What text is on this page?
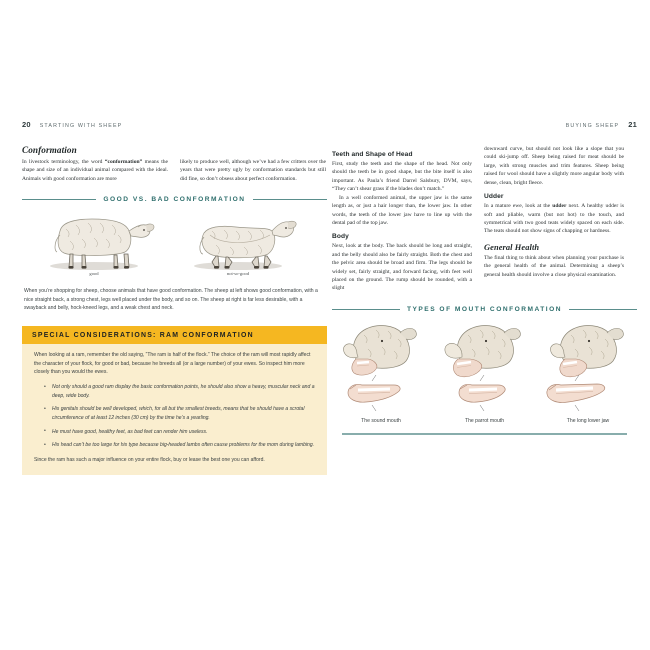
20 STARTING WITH SHEEP
Conformation

In livestock terminology, the word “conformation” means the shape and size of an individual animal compared with the ideal. Animals with good conformation are more

likely to produce well, although we’ve had a few critters over the years that were pretty ugly by conformation standards but still did fine, so don’t obsess about perfect conformation.

GOOD VS. BAD CONFORMATION
good	not-so-good

When you’re shopping for sheep, choose animals that have good conformation. The sheep at left shows good conformation, with a nice straight back, a strong chest, legs well placed under the body, and so on. The sheep at right is far less desirable, with a swayback and belly, hock-kneed legs, and a weak chest and neck.

SPECIAL CONSIDERATIONS: RAM CONFORMATION

When looking at a ram, remember the old saying, “The ram is half of the flock.” The choice of the ram will most rapidly affect the character of your flock, for good or bad, because he breeds all (or a large number) of your ewes. So inspect him more closely than you would the ewes.

• Not only should a good ram display the basic conformation points, he should also show a heavy, muscular neck and a deep, wide body.
• His genitals should be well developed, which, for all but the smallest breeds, means that he should have a scrotal circumference of at least 12 inches (30 cm) by the time he’s a yearling.
• He must have good, healthy feet, as bad feet can render him useless.
• His head can’t be too large for his type because big-headed lambs often cause problems for the mom during lambing.

Since the ram has such a major influence on your entire flock, buy or lease the best one you can afford.

BUYING SHEEP 21
Teeth and Shape of Head

First, study the teeth and the shape of the head. Not only should the teeth be in good shape, but the bite itself is also important. As Paula’s friend Darrel Salsbury, DVM, says, “They can’t shear grass if the blades don’t match.”

In a well conformed animal, the upper jaw is the same length as, or just a hair longer than, the lower jaw. In other words, the teeth of the lower jaw have to line up with the dental pad of the top jaw.

Body

Next, look at the body. The back should be long and straight, and the belly should also be fairly straight. Both the chest and the pelvic area should be broad and firm. The legs should be widely set, fairly straight, and forward facing, with feet well placed on the ground. The rump should be rounded, with a slight

downward curve, but should not look like a slope that you could ski-jump off. Sheep being raised for meat should be large, with strong muscles and trim features. Sheep being raised for wool should have a slightly more angular body with dense, clean, bright fleece.

Udder

In a mature ewe, look at the udder next. A healthy udder is soft and pliable, warm (but not hot) to the touch, and symmetrical with two good teats widely spaced on each side. The teats should not show signs of chapping or hardness.

General Health

The final thing to think about when planning your purchase is the general health of the animal. Determining a sheep’s general health should involve a close physical examination.

TYPES OF MOUTH CONFORMATION
The sound mouth	The parrot mouth	The long lower jaw
